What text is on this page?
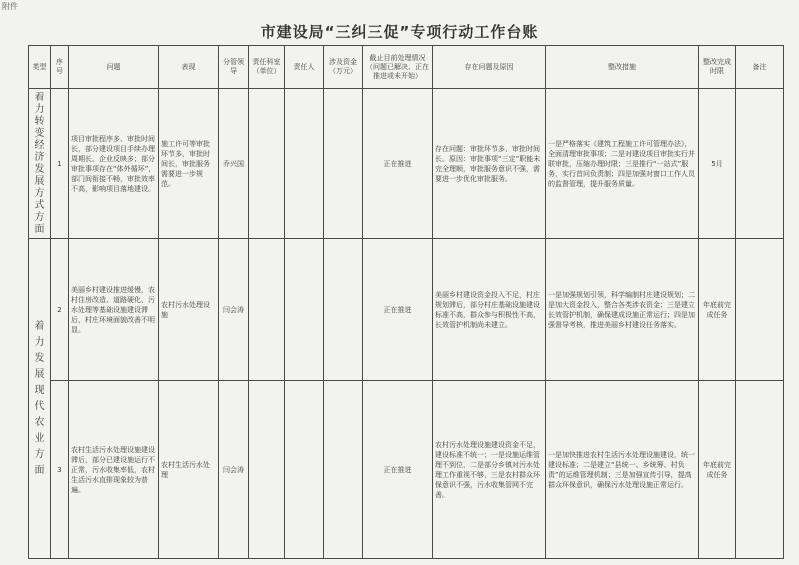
附件
市建设局“三纠三促”专项行动工作台账
类型	序号	问题	表现	分管领导	责任科室（单位）	责任人	涉及资金（万元）	截止目前处理情况（问题已解决、正在推进或未开始）	存在问题及原因	整改措施	整改完成时限	备注

着力转变经济发展方式方面	1	项目审批程序多、审批时间长，部分建设项目手续办理周期长，企业反映多；部分审批事项存在“体外循环”，部门间衔接不畅，审批效率不高，影响项目落地建设。	施工许可等审批环节多，审批时间长，审批服务需要进一步规范。	乔兴国				正在推进	存在问题：审批环节多、审批时间长。原因：审批事项“三定”职能未完全理顺，审批服务意识不强，需要进一步优化审批服务。	一是严格落实《建筑工程施工许可管理办法》，全面清理审批事项；二是对建设项目审批实行并联审批，压缩办理时限；三是推行“一站式”服务，实行首问负责制；四是加强对窗口工作人员的监督管理，提升服务质量。	5月	

着力发展现代农业方面	2	美丽乡村建设推进缓慢，农村住房改造、道路硬化、污水处理等基础设施建设滞后，村庄环境面貌改善不明显。	农村污水处理设施	闫会涛				正在推进	美丽乡村建设资金投入不足，村庄规划滞后，部分村庄基础设施建设标准不高，群众参与积极性不高，长效管护机制尚未建立。	一是加强规划引领，科学编制村庄建设规划；二是加大资金投入，整合各类涉农资金；三是建立长效管护机制，确保建成设施正常运行；四是加强督导考核，推进美丽乡村建设任务落实。	年底前完成任务	

	3	农村生活污水处理设施建设滞后，部分已建设施运行不正常，污水收集率低，农村生活污水直排现象较为普遍。	农村生活污水处理	闫会涛				正在推进	农村污水处理设施建设资金不足，建设标准不统一；一是设施运维管理不到位，二是部分乡镇对污水处理工作重视不够，三是农村群众环保意识不强，污水收集管网不完善。	一是加快推进农村生活污水处理设施建设，统一建设标准；二是建立“县统一、乡统筹、村负责”的运维管理机制；三是加强宣传引导，提高群众环保意识，确保污水处理设施正常运行。	年底前完成任务	
